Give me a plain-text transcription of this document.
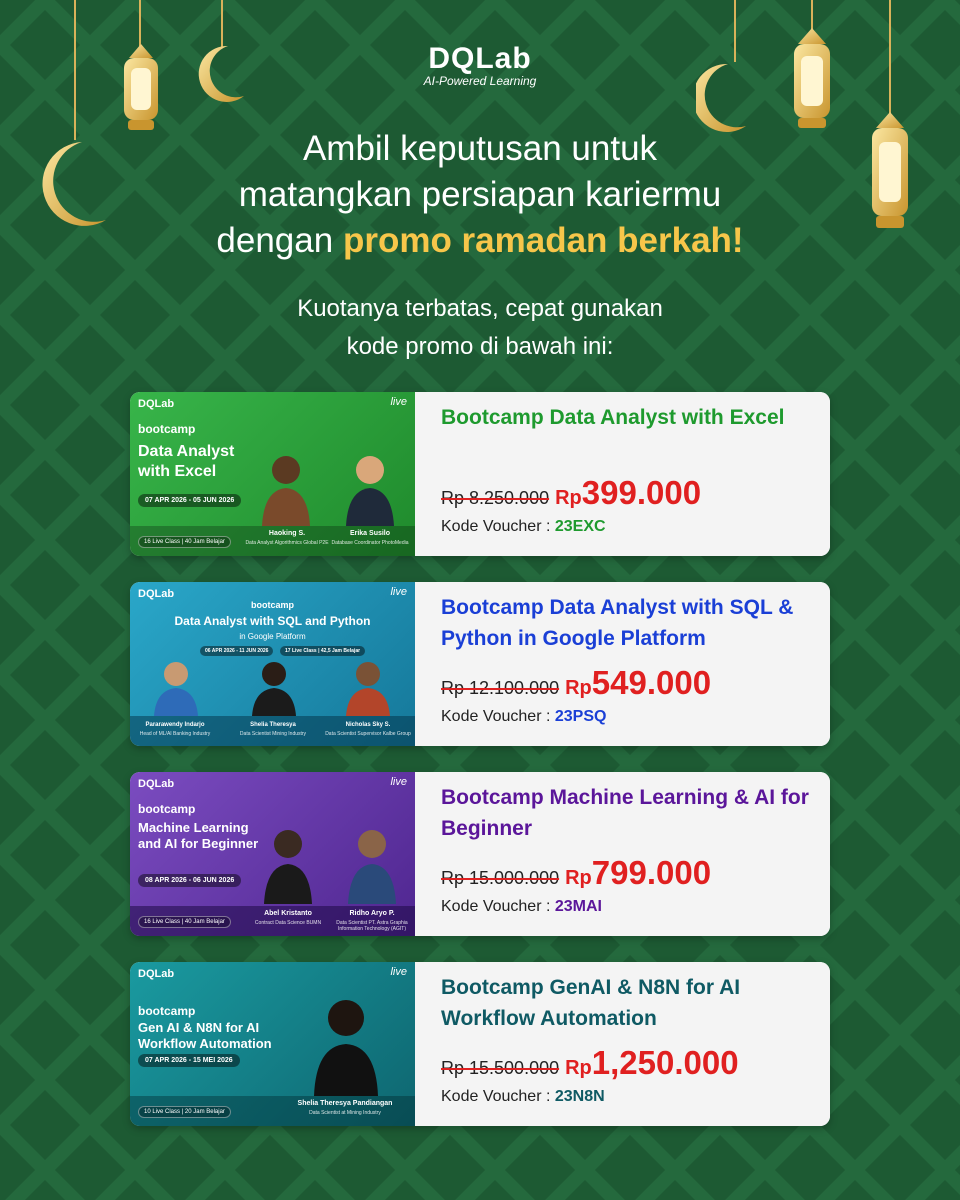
DQLab
AI-Powered Learning
Ambil keputusan untuk
matangkan persiapan kariermu
dengan promo ramadan berkah!
Kuotanya terbatas, cepat gunakan
kode promo di bawah ini:
DQLab	live
bootcamp
Data Analyst
with Excel
07 APR 2026 - 05 JUN 2026
16 Live Class | 40 Jam Belajar
Haoking S.
Data Analyst Algorithmics Global P2E
Erika Susilo
Database Coordinator PhotoMedia
Bootcamp Data Analyst with Excel
Rp 8.250.000 Rp399.000
Kode Voucher : 23EXC
DQLab	live
bootcamp
Data Analyst with SQL and Python
in Google Platform
06 APR 2026 - 11 JUN 2026	17 Live Class | 42,5 Jam Belajar
Pararawendy Indarjo
Head of ML/AI Banking Industry
Shelia Theresya
Data Scientist Mining Industry
Nicholas Sky S.
Data Scientist Supervisor Kalbe Group
Bootcamp Data Analyst with SQL & Python in Google Platform
Rp 12.100.000 Rp549.000
Kode Voucher : 23PSQ
DQLab	live
bootcamp
Machine Learning
and AI for Beginner
08 APR 2026 - 06 JUN 2026
16 Live Class | 40 Jam Belajar
Abel Kristanto
Contract Data Science BUMN
Ridho Aryo P.
Data Scientist PT. Astra Graphia Information Technology (AGIT)
Bootcamp Machine Learning & AI for Beginner
Rp 15.000.000 Rp799.000
Kode Voucher : 23MAI
DQLab	live
bootcamp
Gen AI & N8N for AI
Workflow Automation
07 APR 2026 - 15 MEI 2026
10 Live Class | 20 Jam Belajar
Shelia Theresya Pandiangan
Data Scientist at Mining Industry
Bootcamp GenAI & N8N for AI Workflow Automation
Rp 15.500.000 Rp1,250.000
Kode Voucher : 23N8N
